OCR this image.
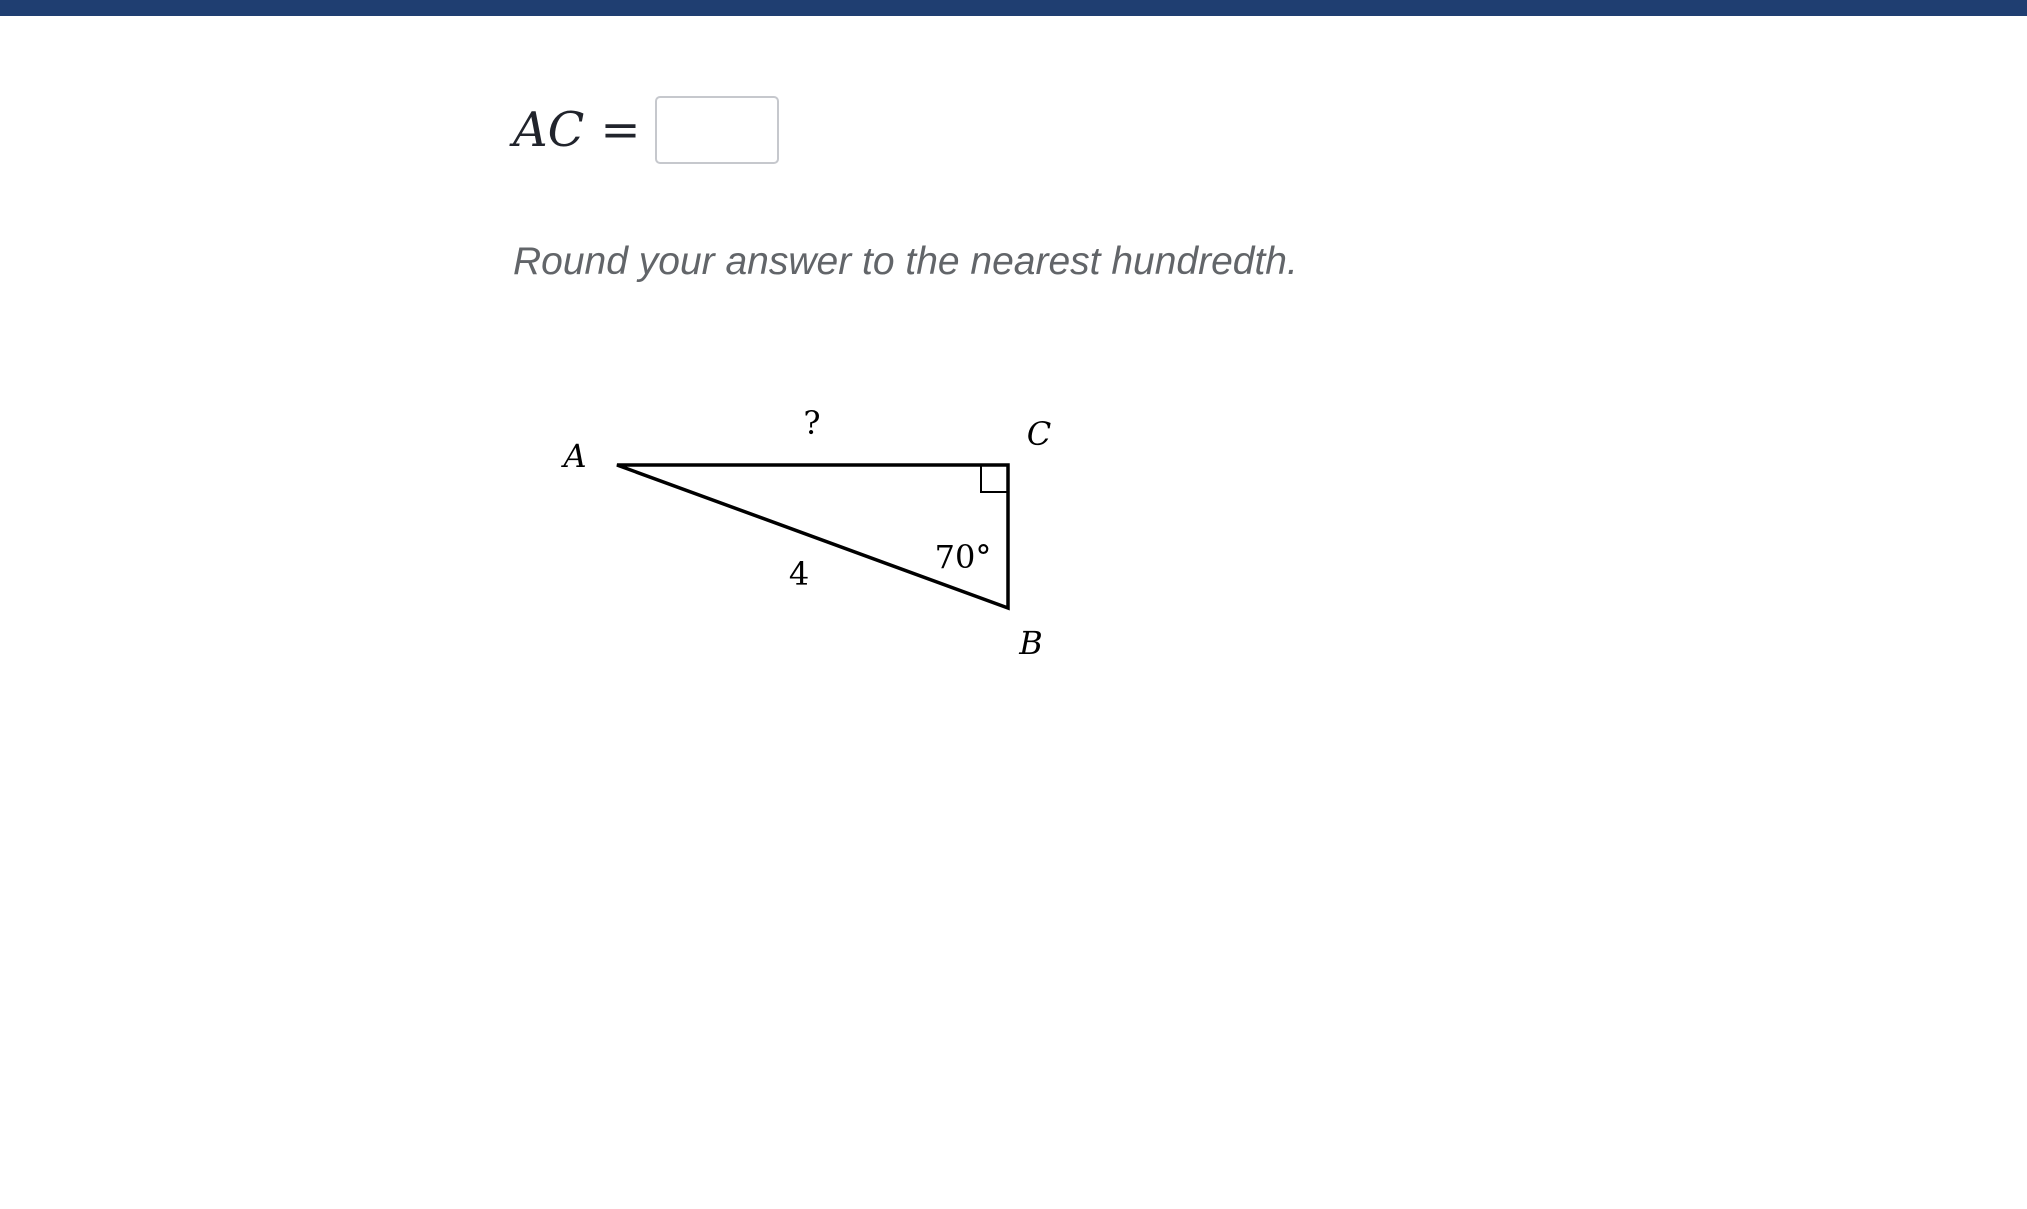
AC =
Round your answer to the nearest hundredth.
A
C
B
?
4	70°
